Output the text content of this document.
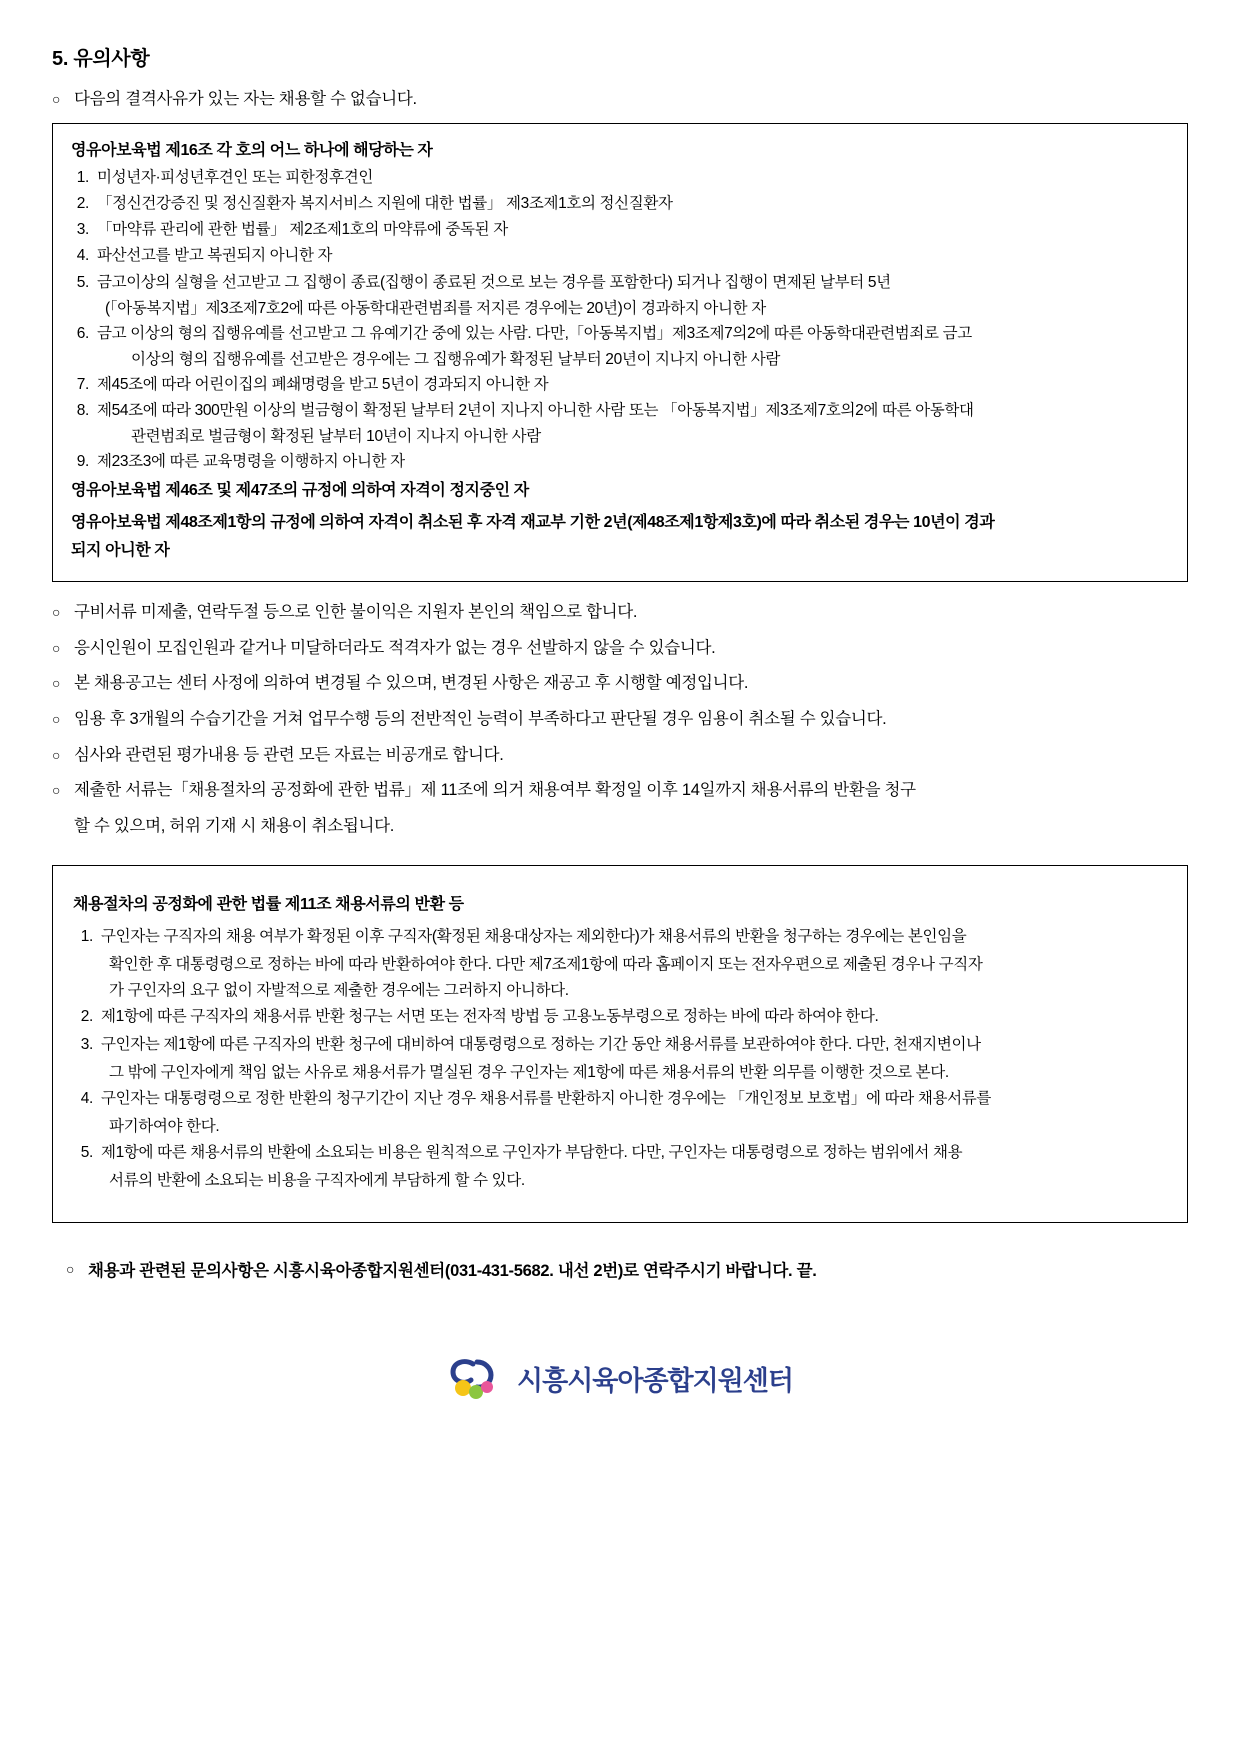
5. 유의사항
○ 다음의 결격사유가 있는 자는 채용할 수 없습니다.
영유아보육법 제16조 각 호의 어느 하나에 해당하는 자
1. 미성년자·피성년후견인 또는 피한정후견인
2. 「정신건강증진 및 정신질환자 복지서비스 지원에 대한 법률」 제3조제1호의 정신질환자
3. 「마약류 관리에 관한 법률」 제2조제1호의 마약류에 중독된 자
4. 파산선고를 받고 복권되지 아니한 자
5. 금고이상의 실형을 선고받고 그 집행이 종료(집행이 종료된 것으로 보는 경우를 포함한다) 되거나 집행이 면제된 날부터 5년
(「아동복지법」제3조제7호2에 따른 아동학대관련범죄를 저지른 경우에는 20년)이 경과하지 아니한 자
6. 금고 이상의 형의 집행유예를 선고받고 그 유예기간 중에 있는 사람. 다만,「아동복지법」제3조제7의2에 따른 아동학대관련범죄로 금고
이상의 형의 집행유예를 선고받은 경우에는 그 집행유예가 확정된 날부터 20년이 지나지 아니한 사람
7. 제45조에 따라 어린이집의 폐쇄명령을 받고 5년이 경과되지 아니한 자
8. 제54조에 따라 300만원 이상의 벌금형이 확정된 날부터 2년이 지나지 아니한 사람 또는 「아동복지법」제3조제7호의2에 따른 아동학대
관련범죄로 벌금형이 확정된 날부터 10년이 지나지 아니한 사람
9. 제23조3에 따른 교육명령을 이행하지 아니한 자
영유아보육법 제46조 및 제47조의 규정에 의하여 자격이 정지중인 자
영유아보육법 제48조제1항의 규정에 의하여 자격이 취소된 후 자격 재교부 기한 2년(제48조제1항제3호)에 따라 취소된 경우는 10년이 경과
되지 아니한 자
○ 구비서류 미제출, 연락두절 등으로 인한 불이익은 지원자 본인의 책임으로 합니다.
○ 응시인원이 모집인원과 같거나 미달하더라도 적격자가 없는 경우 선발하지 않을 수 있습니다.
○ 본 채용공고는 센터 사정에 의하여 변경될 수 있으며, 변경된 사항은 재공고 후 시행할 예정입니다.
○ 임용 후 3개월의 수습기간을 거쳐 업무수행 등의 전반적인 능력이 부족하다고 판단될 경우 임용이 취소될 수 있습니다.
○ 심사와 관련된 평가내용 등 관련 모든 자료는 비공개로 합니다.
○ 제출한 서류는「채용절차의 공정화에 관한 법류」제 11조에 의거 채용여부 확정일 이후 14일까지 채용서류의 반환을 청구
할 수 있으며, 허위 기재 시 채용이 취소됩니다.
채용절차의 공정화에 관한 법률 제11조 채용서류의 반환 등
1. 구인자는 구직자의 채용 여부가 확정된 이후 구직자(확정된 채용대상자는 제외한다)가 채용서류의 반환을 청구하는 경우에는 본인임을
확인한 후 대통령령으로 정하는 바에 따라 반환하여야 한다. 다만 제7조제1항에 따라 홈페이지 또는 전자우편으로 제출된 경우나 구직자
가 구인자의 요구 없이 자발적으로 제출한 경우에는 그러하지 아니하다.
2. 제1항에 따른 구직자의 채용서류 반환 청구는 서면 또는 전자적 방법 등 고용노동부령으로 정하는 바에 따라 하여야 한다.
3. 구인자는 제1항에 따른 구직자의 반환 청구에 대비하여 대통령령으로 정하는 기간 동안 채용서류를 보관하여야 한다. 다만, 천재지변이나
그 밖에 구인자에게 책임 없는 사유로 채용서류가 멸실된 경우 구인자는 제1항에 따른 채용서류의 반환 의무를 이행한 것으로 본다.
4. 구인자는 대통령령으로 정한 반환의 청구기간이 지난 경우 채용서류를 반환하지 아니한 경우에는 「개인정보 보호법」에 따라 채용서류를
파기하여야 한다.
5. 제1항에 따른 채용서류의 반환에 소요되는 비용은 원칙적으로 구인자가 부담한다. 다만, 구인자는 대통령령으로 정하는 범위에서 채용
서류의 반환에 소요되는 비용을 구직자에게 부담하게 할 수 있다.
○ 채용과 관련된 문의사항은 시흥시육아종합지원센터(031-431-5682. 내선 2번)로 연락주시기 바랍니다. 끝.
시흥시육아종합지원센터
